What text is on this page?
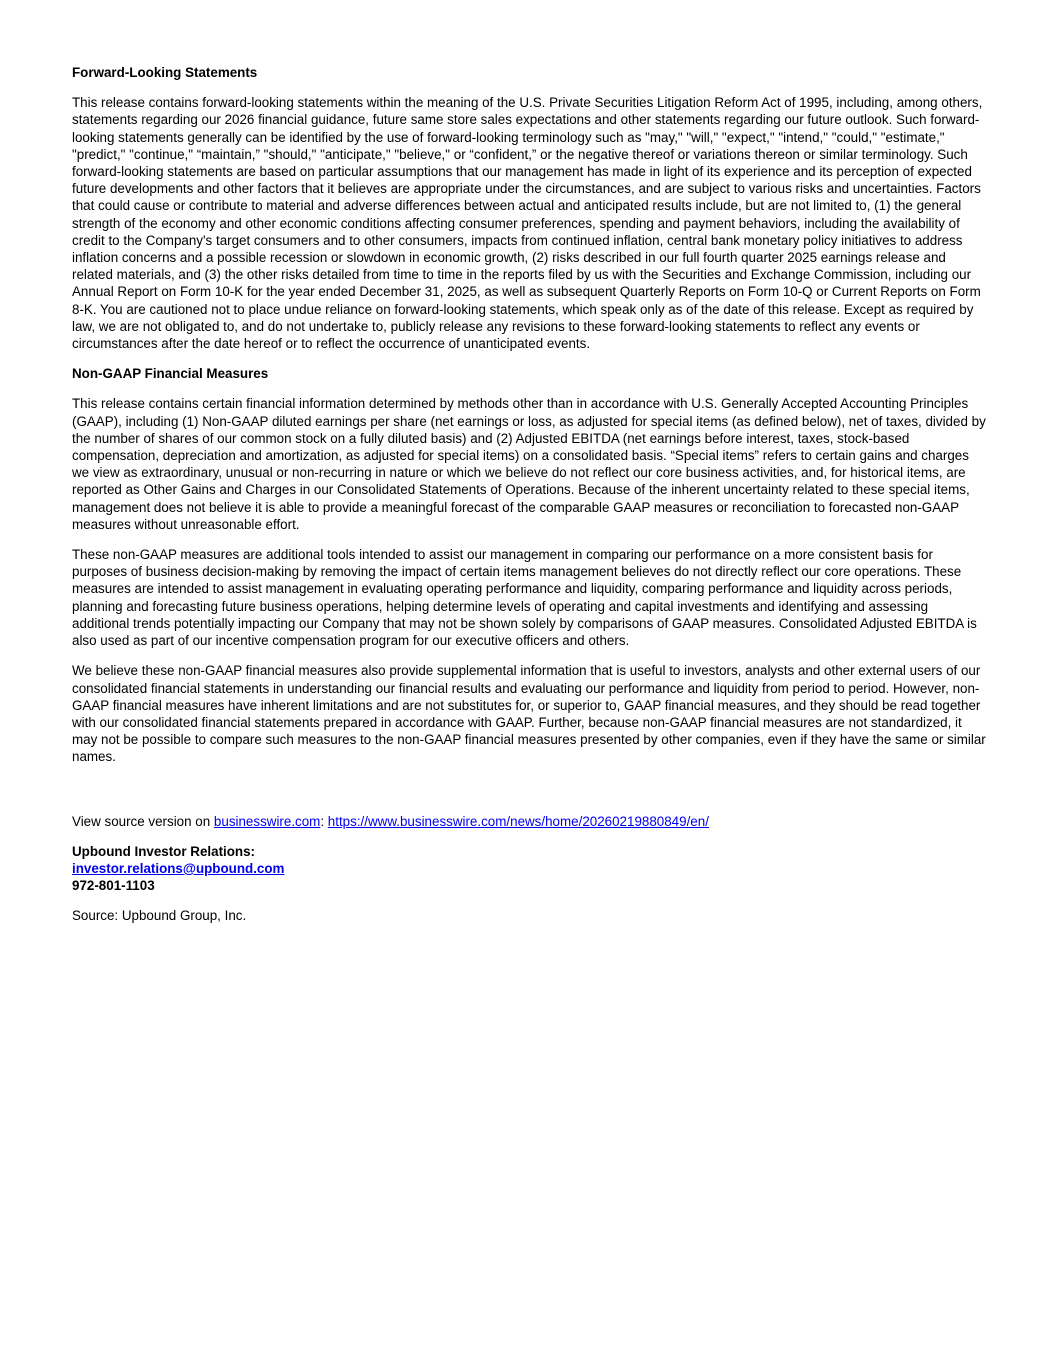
Forward-Looking Statements

This release contains forward-looking statements within the meaning of the U.S. Private Securities Litigation Reform Act of 1995, including, among others, statements regarding our 2026 financial guidance, future same store sales expectations and other statements regarding our future outlook. Such forward-looking statements generally can be identified by the use of forward-looking terminology such as "may," "will," "expect," "intend," "could," "estimate," "predict," "continue," “maintain,” "should," "anticipate," "believe," or “confident,” or the negative thereof or variations thereon or similar terminology. Such forward-looking statements are based on particular assumptions that our management has made in light of its experience and its perception of expected future developments and other factors that it believes are appropriate under the circumstances, and are subject to various risks and uncertainties. Factors that could cause or contribute to material and adverse differences between actual and anticipated results include, but are not limited to, (1) the general strength of the economy and other economic conditions affecting consumer preferences, spending and payment behaviors, including the availability of credit to the Company's target consumers and to other consumers, impacts from continued inflation, central bank monetary policy initiatives to address inflation concerns and a possible recession or slowdown in economic growth, (2) risks described in our full fourth quarter 2025 earnings release and related materials, and (3) the other risks detailed from time to time in the reports filed by us with the Securities and Exchange Commission, including our Annual Report on Form 10-K for the year ended December 31, 2025, as well as subsequent Quarterly Reports on Form 10-Q or Current Reports on Form 8-K. You are cautioned not to place undue reliance on forward-looking statements, which speak only as of the date of this release. Except as required by law, we are not obligated to, and do not undertake to, publicly release any revisions to these forward-looking statements to reflect any events or circumstances after the date hereof or to reflect the occurrence of unanticipated events.

Non-GAAP Financial Measures

This release contains certain financial information determined by methods other than in accordance with U.S. Generally Accepted Accounting Principles (GAAP), including (1) Non-GAAP diluted earnings per share (net earnings or loss, as adjusted for special items (as defined below), net of taxes, divided by the number of shares of our common stock on a fully diluted basis) and (2) Adjusted EBITDA (net earnings before interest, taxes, stock-based compensation, depreciation and amortization, as adjusted for special items) on a consolidated basis. “Special items” refers to certain gains and charges we view as extraordinary, unusual or non-recurring in nature or which we believe do not reflect our core business activities, and, for historical items, are reported as Other Gains and Charges in our Consolidated Statements of Operations. Because of the inherent uncertainty related to these special items, management does not believe it is able to provide a meaningful forecast of the comparable GAAP measures or reconciliation to forecasted non-GAAP measures without unreasonable effort.

These non-GAAP measures are additional tools intended to assist our management in comparing our performance on a more consistent basis for purposes of business decision-making by removing the impact of certain items management believes do not directly reflect our core operations. These measures are intended to assist management in evaluating operating performance and liquidity, comparing performance and liquidity across periods, planning and forecasting future business operations, helping determine levels of operating and capital investments and identifying and assessing additional trends potentially impacting our Company that may not be shown solely by comparisons of GAAP measures. Consolidated Adjusted EBITDA is also used as part of our incentive compensation program for our executive officers and others.

We believe these non-GAAP financial measures also provide supplemental information that is useful to investors, analysts and other external users of our consolidated financial statements in understanding our financial results and evaluating our performance and liquidity from period to period. However, non-GAAP financial measures have inherent limitations and are not substitutes for, or superior to, GAAP financial measures, and they should be read together with our consolidated financial statements prepared in accordance with GAAP. Further, because non-GAAP financial measures are not standardized, it may not be possible to compare such measures to the non-GAAP financial measures presented by other companies, even if they have the same or similar names.

View source version on businesswire.com: https://www.businesswire.com/news/home/20260219880849/en/

Upbound Investor Relations:
investor.relations@upbound.com
972-801-1103

Source: Upbound Group, Inc.
